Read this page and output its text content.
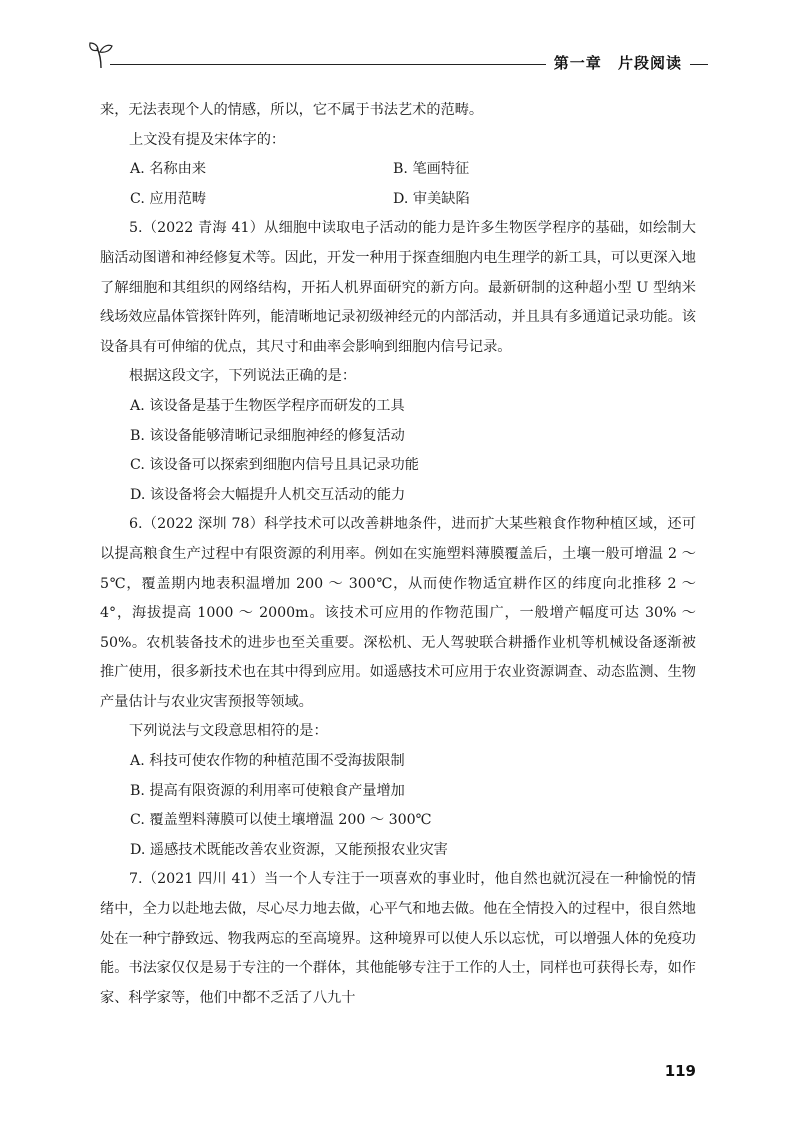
第一章 片段阅读

来，无法表现个人的情感，所以，它不属于书法艺术的范畴。

上文没有提及宋体字的：

A. 名称由来	B. 笔画特征
C. 应用范畴	D. 审美缺陷

5.（2022 青海 41）从细胞中读取电子活动的能力是许多生物医学程序的基础，如绘制大脑活动图谱和神经修复术等。因此，开发一种用于探查细胞内电生理学的新工具，可以更深入地了解细胞和其组织的网络结构，开拓人机界面研究的新方向。最新研制的这种超小型 U 型纳米线场效应晶体管探针阵列，能清晰地记录初级神经元的内部活动，并且具有多通道记录功能。该设备具有可伸缩的优点，其尺寸和曲率会影响到细胞内信号记录。

根据这段文字，下列说法正确的是：

A. 该设备是基于生物医学程序而研发的工具

B. 该设备能够清晰记录细胞神经的修复活动

C. 该设备可以探索到细胞内信号且具记录功能

D. 该设备将会大幅提升人机交互活动的能力

6.（2022 深圳 78）科学技术可以改善耕地条件，进而扩大某些粮食作物种植区域，还可以提高粮食生产过程中有限资源的利用率。例如在实施塑料薄膜覆盖后，土壤一般可增温 2 ～ 5℃，覆盖期内地表积温增加 200 ～ 300℃，从而使作物适宜耕作区的纬度向北推移 2 ～ 4°，海拔提高 1000 ～ 2000m。该技术可应用的作物范围广，一般增产幅度可达 30% ～ 50%。农机装备技术的进步也至关重要。深松机、无人驾驶联合耕播作业机等机械设备逐渐被推广使用，很多新技术也在其中得到应用。如遥感技术可应用于农业资源调查、动态监测、生物产量估计与农业灾害预报等领域。

下列说法与文段意思相符的是：

A. 科技可使农作物的种植范围不受海拔限制

B. 提高有限资源的利用率可使粮食产量增加

C. 覆盖塑料薄膜可以使土壤增温 200 ～ 300℃

D. 遥感技术既能改善农业资源，又能预报农业灾害

7.（2021 四川 41）当一个人专注于一项喜欢的事业时，他自然也就沉浸在一种愉悦的情绪中，全力以赴地去做，尽心尽力地去做，心平气和地去做。他在全情投入的过程中，很自然地处在一种宁静致远、物我两忘的至高境界。这种境界可以使人乐以忘忧，可以增强人体的免疫功能。书法家仅仅是易于专注的一个群体，其他能够专注于工作的人士，同样也可获得长寿，如作家、科学家等，他们中都不乏活了八九十

119
